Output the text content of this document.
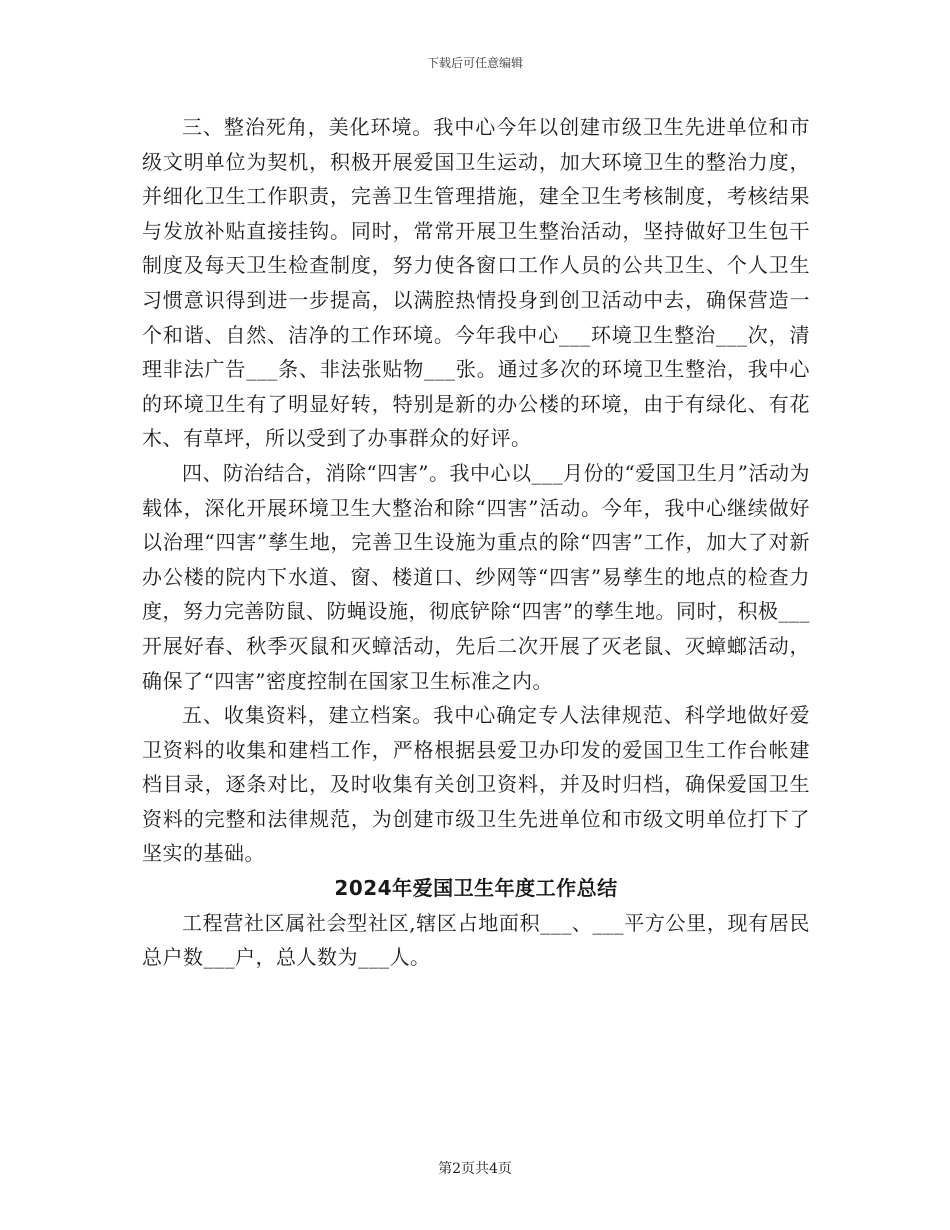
下载后可任意编辑

三、整治死角，美化环境。我中心今年以创建市级卫生先进单位和市级文明单位为契机，积极开展爱国卫生运动，加大环境卫生的整治力度，并细化卫生工作职责，完善卫生管理措施，建全卫生考核制度，考核结果与发放补贴直接挂钩。同时，常常开展卫生整治活动，坚持做好卫生包干制度及每天卫生检查制度，努力使各窗口工作人员的公共卫生、个人卫生习惯意识得到进一步提高，以满腔热情投身到创卫活动中去，确保营造一个和谐、自然、洁净的工作环境。今年我中心___环境卫生整治___次，清理非法广告___条、非法张贴物___张。通过多次的环境卫生整治，我中心的环境卫生有了明显好转，特别是新的办公楼的环境，由于有绿化、有花木、有草坪，所以受到了办事群众的好评。

四、防治结合，消除“四害”。我中心以___月份的“爱国卫生月”活动为载体，深化开展环境卫生大整治和除“四害”活动。今年，我中心继续做好以治理“四害”孳生地，完善卫生设施为重点的除“四害”工作，加大了对新办公楼的院内下水道、窗、楼道口、纱网等“四害”易孳生的地点的检查力度，努力完善防鼠、防蝇设施，彻底铲除“四害”的孳生地。同时，积极___开展好春、秋季灭鼠和灭蟑活动，先后二次开展了灭老鼠、灭蟑螂活动，确保了“四害”密度控制在国家卫生标准之内。

五、收集资料，建立档案。我中心确定专人法律规范、科学地做好爱卫资料的收集和建档工作，严格根据县爱卫办印发的爱国卫生工作台帐建档目录，逐条对比，及时收集有关创卫资料，并及时归档，确保爱国卫生资料的完整和法律规范，为创建市级卫生先进单位和市级文明单位打下了坚实的基础。

2024年爱国卫生年度工作总结

工程营社区属社会型社区,辖区占地面积___、___平方公里，现有居民总户数___户，总人数为___人。

第2页共4页
